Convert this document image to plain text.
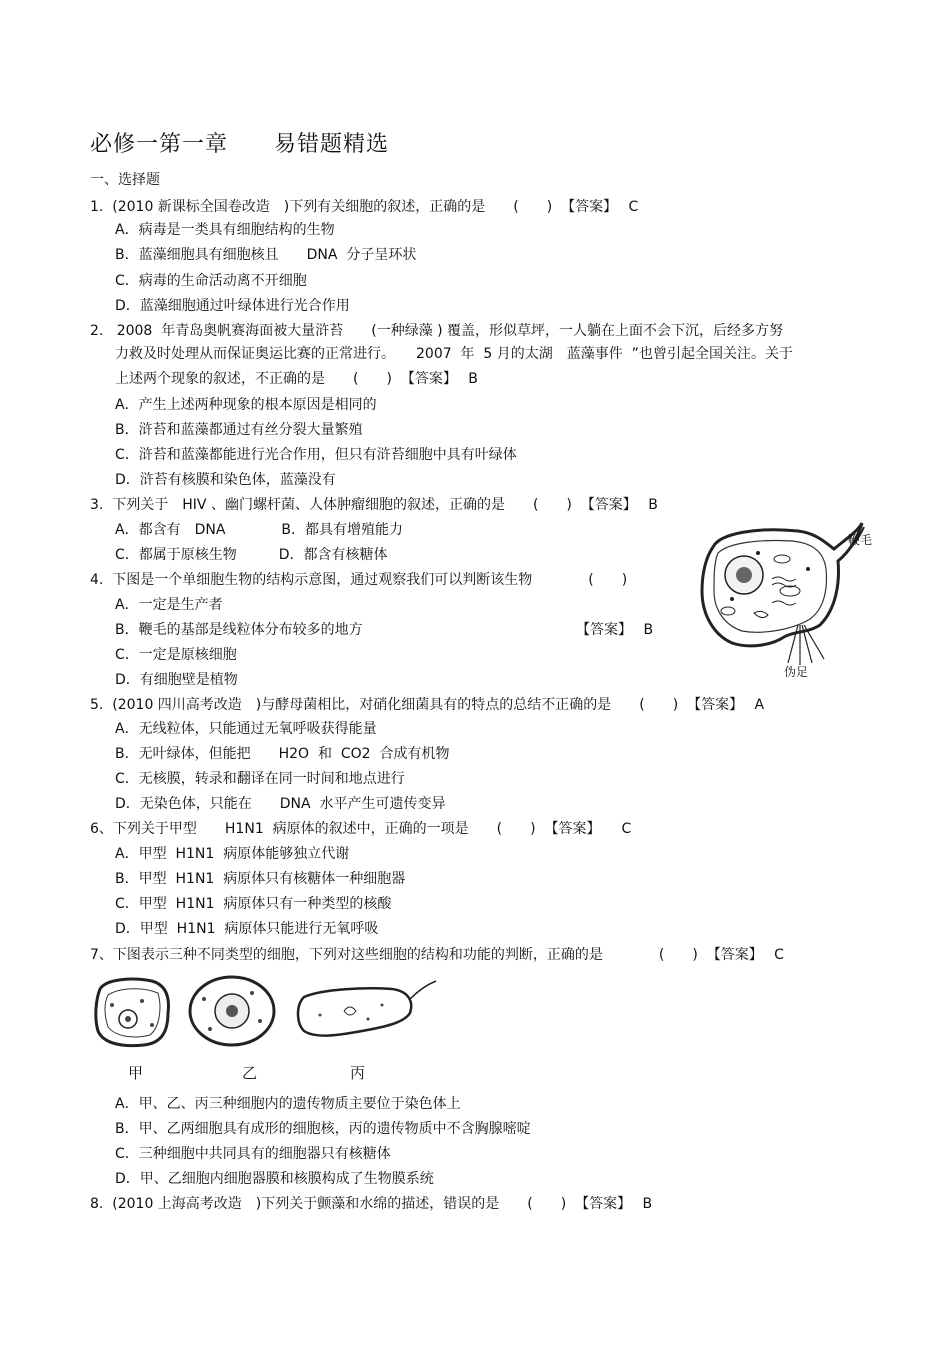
必修一第一章　　易错题精选
一、选择题
1.  (2010 新课标全国卷改造　)下列有关细胞的叙述，正确的是　　(　　)  【答案】　 C
A．病毒是一类具有细胞结构的生物
B．蓝藻细胞具有细胞核且　　DNA  分子呈环状
C．病毒的生命活动离不开细胞
D．蓝藻细胞通过叶绿体进行光合作用
2.   2008  年青岛奥帆赛海面被大量浒苔　　(一种绿藻 ) 覆盖，形似草坪，一人躺在上面不会下沉，后经多方努
力救及时处理从而保证奥运比赛的正常进行。　　2007  年  5 月的太湖　蓝藻事件  ”也曾引起全国关注。关于
上述两个现象的叙述，不正确的是　　(　　)  【答案】　 B
A．产生上述两种现象的根本原因是相同的
B．浒苔和蓝藻都通过有丝分裂大量繁殖
C．浒苔和蓝藻都能进行光合作用，但只有浒苔细胞中具有叶绿体
D．浒苔有核膜和染色体，蓝藻没有
3.  下列关于　HIV 、幽门螺杆菌、人体肿瘤细胞的叙述，正确的是　　(　　)  【答案】　 B
A．都含有　DNA　　　　B．都具有增殖能力
C．都属于原核生物　　　D．都含有核糖体
4.  下图是一个单细胞生物的结构示意图，通过观察我们可以判断该生物　　　　(　　)
A．一定是生产者
B．鞭毛的基部是线粒体分布较多的地方	【答案】　 B
C．一定是原核细胞
D．有细胞壁是植物
鞭毛
伪足
5.  (2010 四川高考改造　)与酵母菌相比，对硝化细菌具有的特点的总结不正确的是　　(　　)  【答案】　 A
A．无线粒体，只能通过无氧呼吸获得能量
B．无叶绿体，但能把　　H2O  和  CO2  合成有机物
C．无核膜，转录和翻译在同一时间和地点进行
D．无染色体，只能在　　DNA  水平产生可遗传变异
6、下列关于甲型　　H1N1  病原体的叙述中，正确的一项是　　(　　)  【答案】　　C
A．甲型  H1N1  病原体能够独立代谢
B．甲型  H1N1  病原体只有核糖体一种细胞器
C．甲型  H1N1  病原体只有一种类型的核酸
D．甲型  H1N1  病原体只能进行无氧呼吸
7、下图表示三种不同类型的细胞，下列对这些细胞的结构和功能的判断，正确的是　　　　(　　)  【答案】　 C
甲	乙	丙
A．甲、乙、丙三种细胞内的遗传物质主要位于染色体上
B．甲、乙两细胞具有成形的细胞核，丙的遗传物质中不含胸腺嘧啶
C．三种细胞中共同具有的细胞器只有核糖体
D．甲、乙细胞内细胞器膜和核膜构成了生物膜系统
8.  (2010 上海高考改造　)下列关于颤藻和水绵的描述，错误的是　　(　　)  【答案】　 B
